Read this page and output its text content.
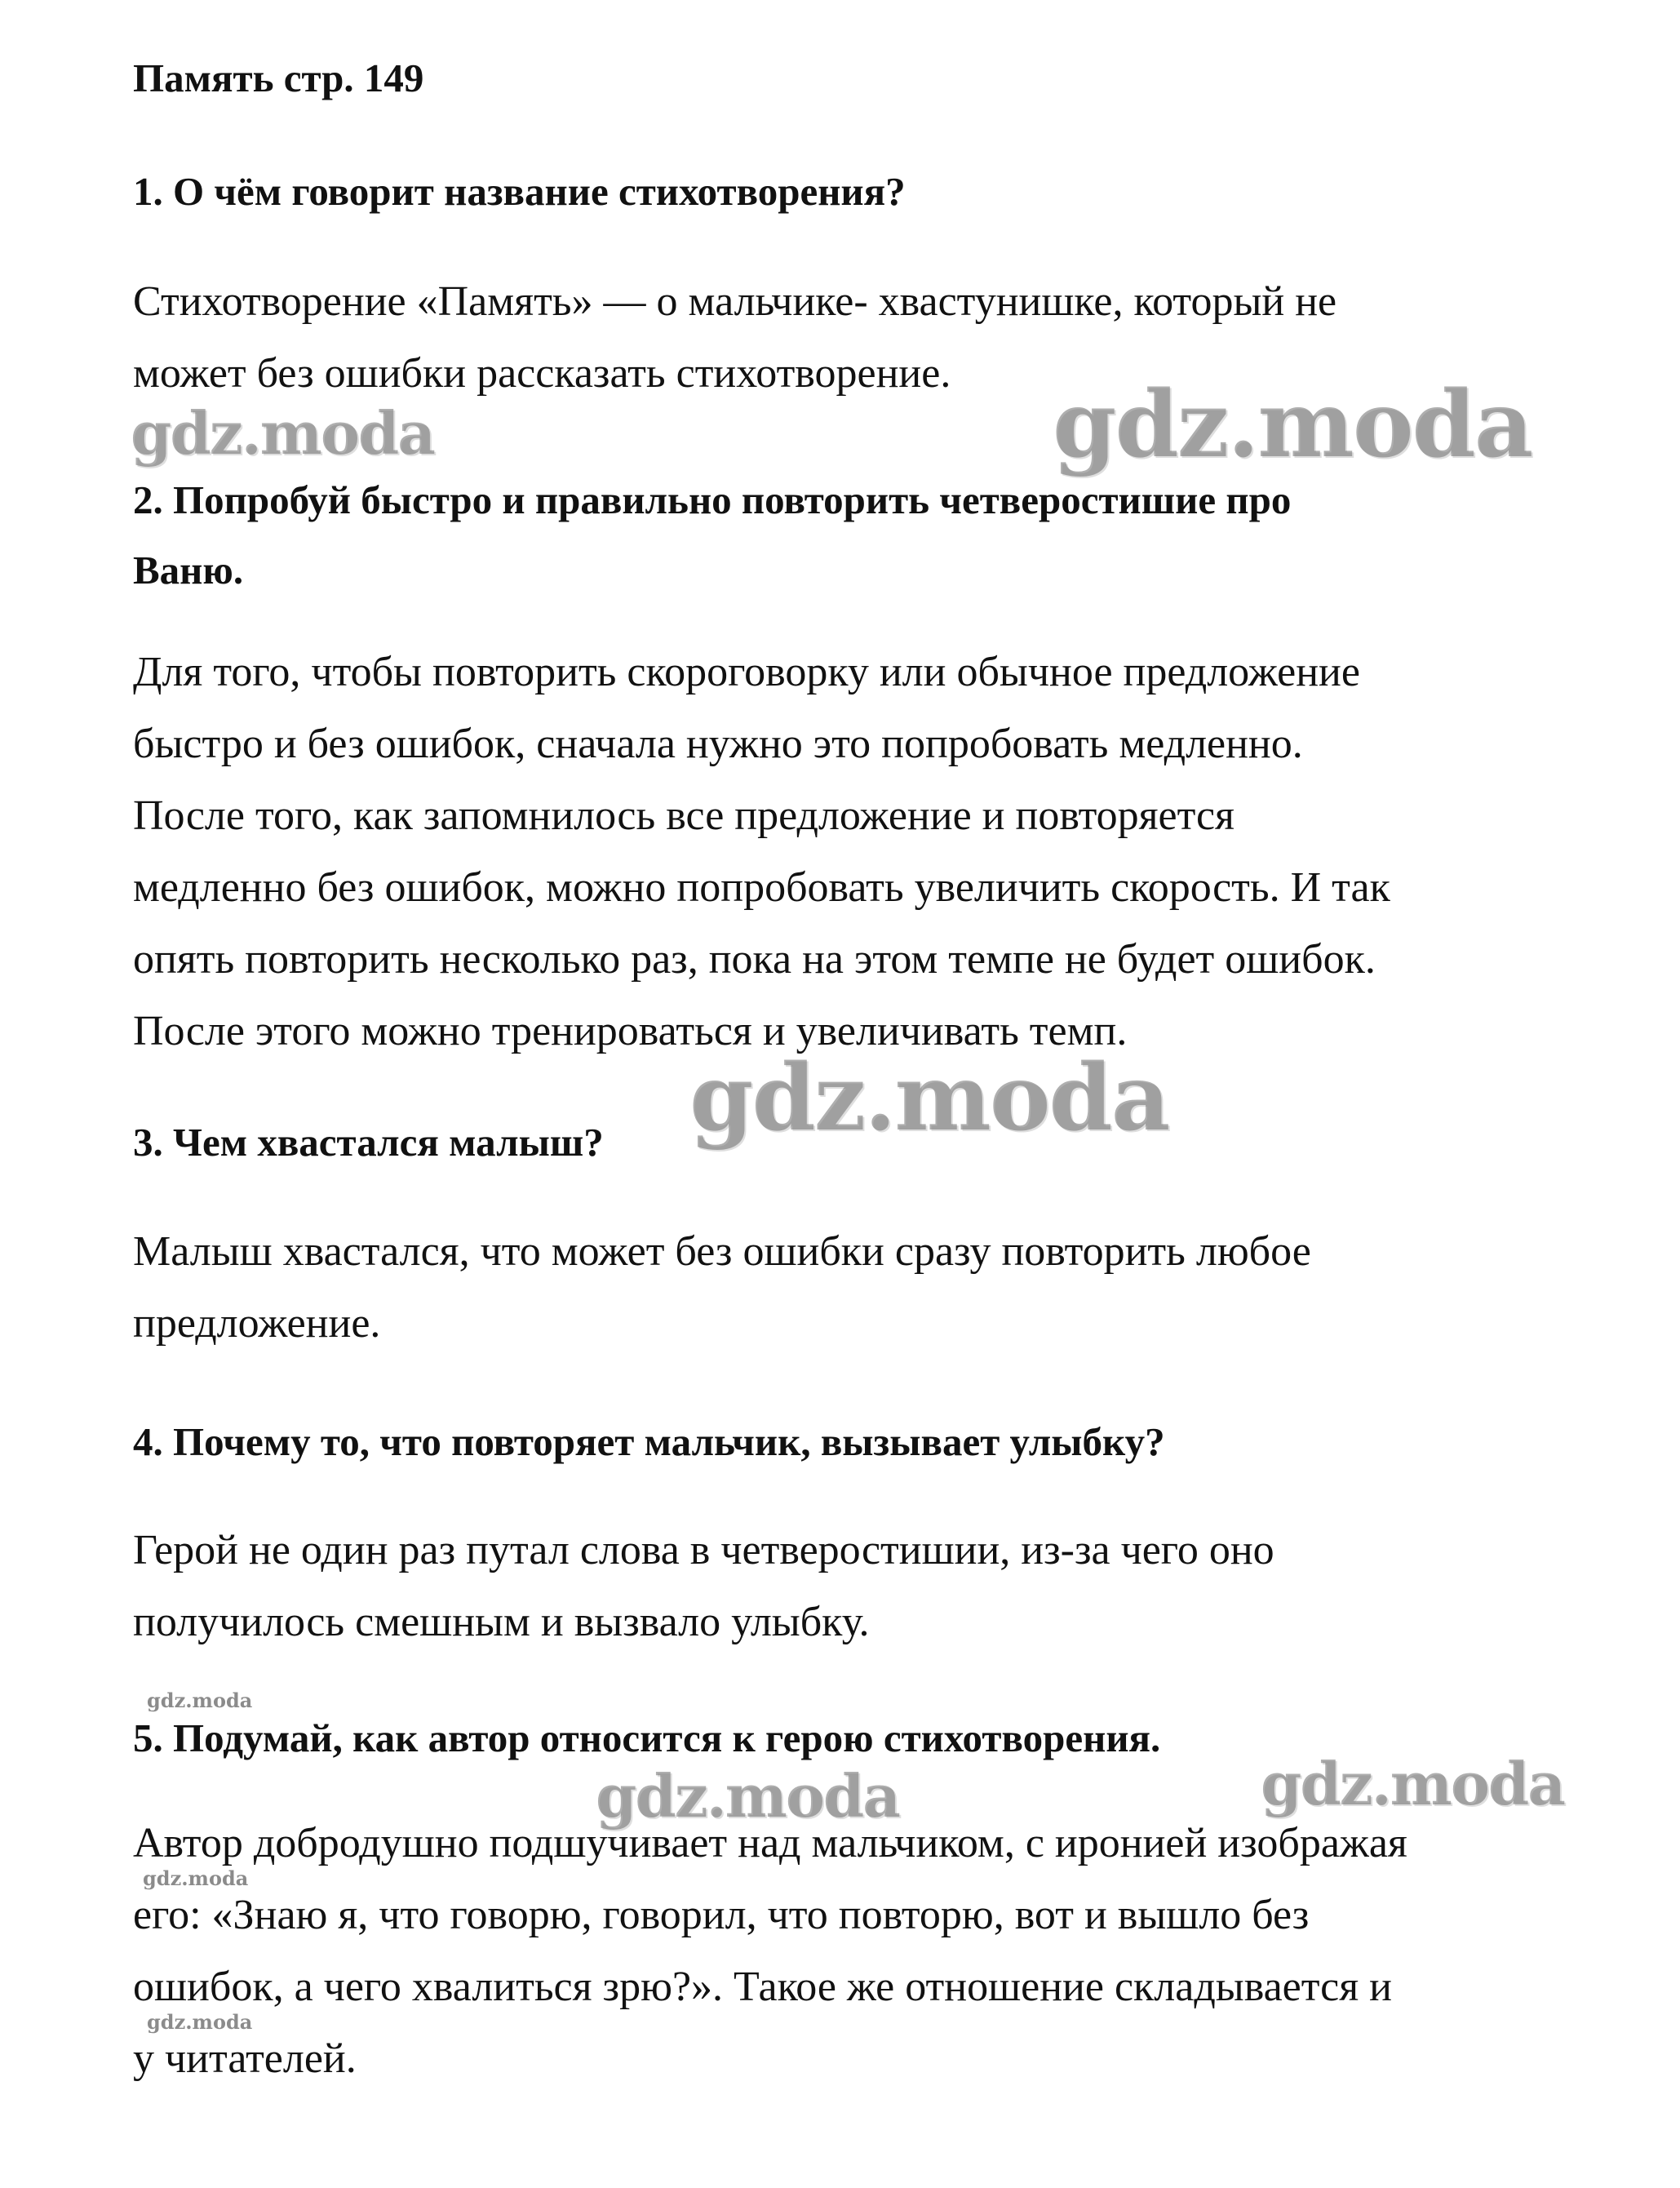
Память стр. 149
1. О чём говорит название стихотворения?
Стихотворение «Память» — о мальчике- хвастунишке, который не
может без ошибки рассказать стихотворение.
2. Попробуй быстро и правильно повторить четверостишие про
Ваню.
Для того, чтобы повторить скороговорку или обычное предложение
быстро и без ошибок, сначала нужно это попробовать медленно.
После того, как запомнилось все предложение и повторяется
медленно без ошибок, можно попробовать увеличить скорость. И так
опять повторить несколько раз, пока на этом темпе не будет ошибок.
После этого можно тренироваться и увеличивать темп.
3. Чем хвастался малыш?
Малыш хвастался, что может без ошибки сразу повторить любое
предложение.
4. Почему то, что повторяет мальчик, вызывает улыбку?
Герой не один раз путал слова в четверостишии, из-за чего оно
получилось смешным и вызвало улыбку.
5. Подумай, как автор относится к герою стихотворения.
Автор добродушно подшучивает над мальчиком, с иронией изображая
его: «Знаю я, что говорю, говорил, что повторю, вот и вышло без
ошибок, а чего хвалиться зрю?». Такое же отношение складывается и
у читателей.
gdz.moda	gdz.moda
gdz.moda
gdz.moda
gdz.moda	gdz.moda
gdz.moda
gdz.moda
